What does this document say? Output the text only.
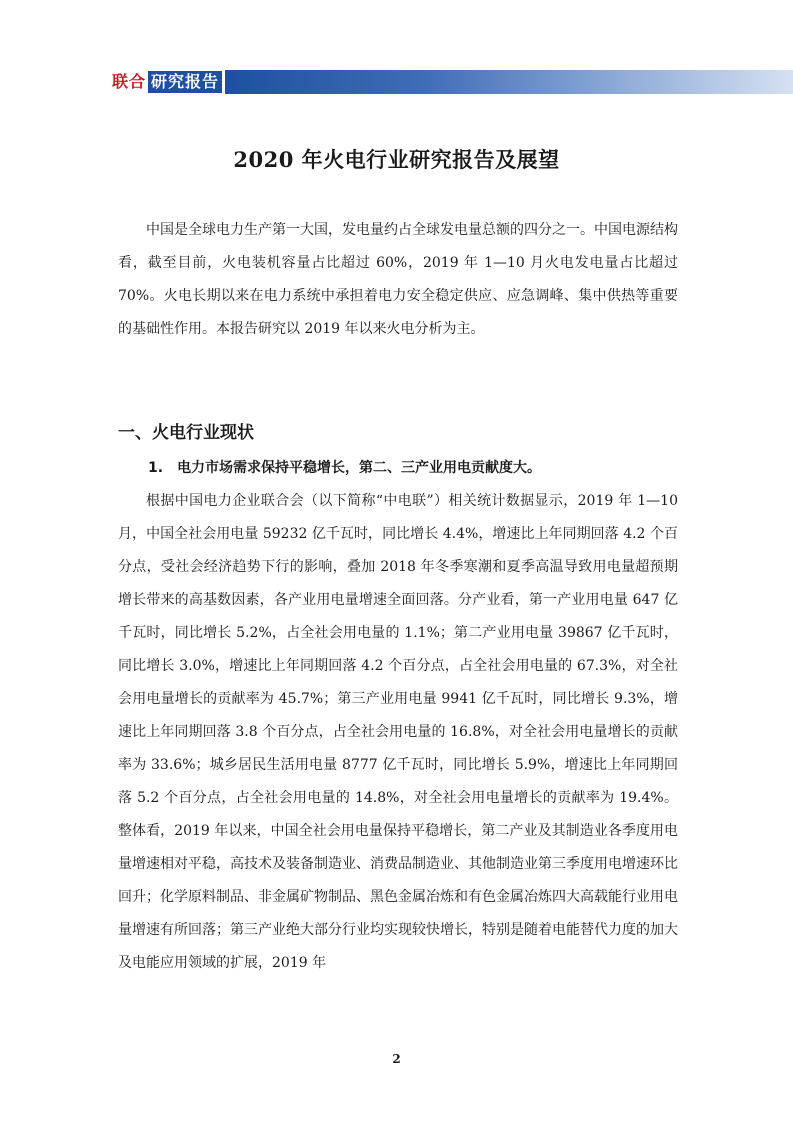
联合 研究报告
2020 年火电行业研究报告及展望

中国是全球电力生产第一大国，发电量约占全球发电量总额的四分之一。中国电源结构看，截至目前，火电装机容量占比超过 60%，2019 年 1—10 月火电发电量占比超过 70%。火电长期以来在电力系统中承担着电力安全稳定供应、应急调峰、集中供热等重要的基础性作用。本报告研究以 2019 年以来火电分析为主。

一、火电行业现状
1. 电力市场需求保持平稳增长，第二、三产业用电贡献度大。

根据中国电力企业联合会（以下简称“中电联”）相关统计数据显示，2019 年 1—10 月，中国全社会用电量 59232 亿千瓦时，同比增长 4.4%，增速比上年同期回落 4.2 个百分点，受社会经济趋势下行的影响，叠加 2018 年冬季寒潮和夏季高温导致用电量超预期增长带来的高基数因素，各产业用电量增速全面回落。分产业看，第一产业用电量 647 亿千瓦时，同比增长 5.2%，占全社会用电量的 1.1%；第二产业用电量 39867 亿千瓦时，同比增长 3.0%，增速比上年同期回落 4.2 个百分点，占全社会用电量的 67.3%，对全社会用电量增长的贡献率为 45.7%；第三产业用电量 9941 亿千瓦时，同比增长 9.3%，增速比上年同期回落 3.8 个百分点，占全社会用电量的 16.8%，对全社会用电量增长的贡献率为 33.6%；城乡居民生活用电量 8777 亿千瓦时，同比增长 5.9%，增速比上年同期回落 5.2 个百分点，占全社会用电量的 14.8%，对全社会用电量增长的贡献率为 19.4%。整体看，2019 年以来，中国全社会用电量保持平稳增长，第二产业及其制造业各季度用电量增速相对平稳，高技术及装备制造业、消费品制造业、其他制造业第三季度用电增速环比回升；化学原料制品、非金属矿物制品、黑色金属冶炼和有色金属冶炼四大高载能行业用电量增速有所回落；第三产业绝大部分行业均实现较快增长，特别是随着电能替代力度的加大及电能应用领域的扩展，2019 年

2
